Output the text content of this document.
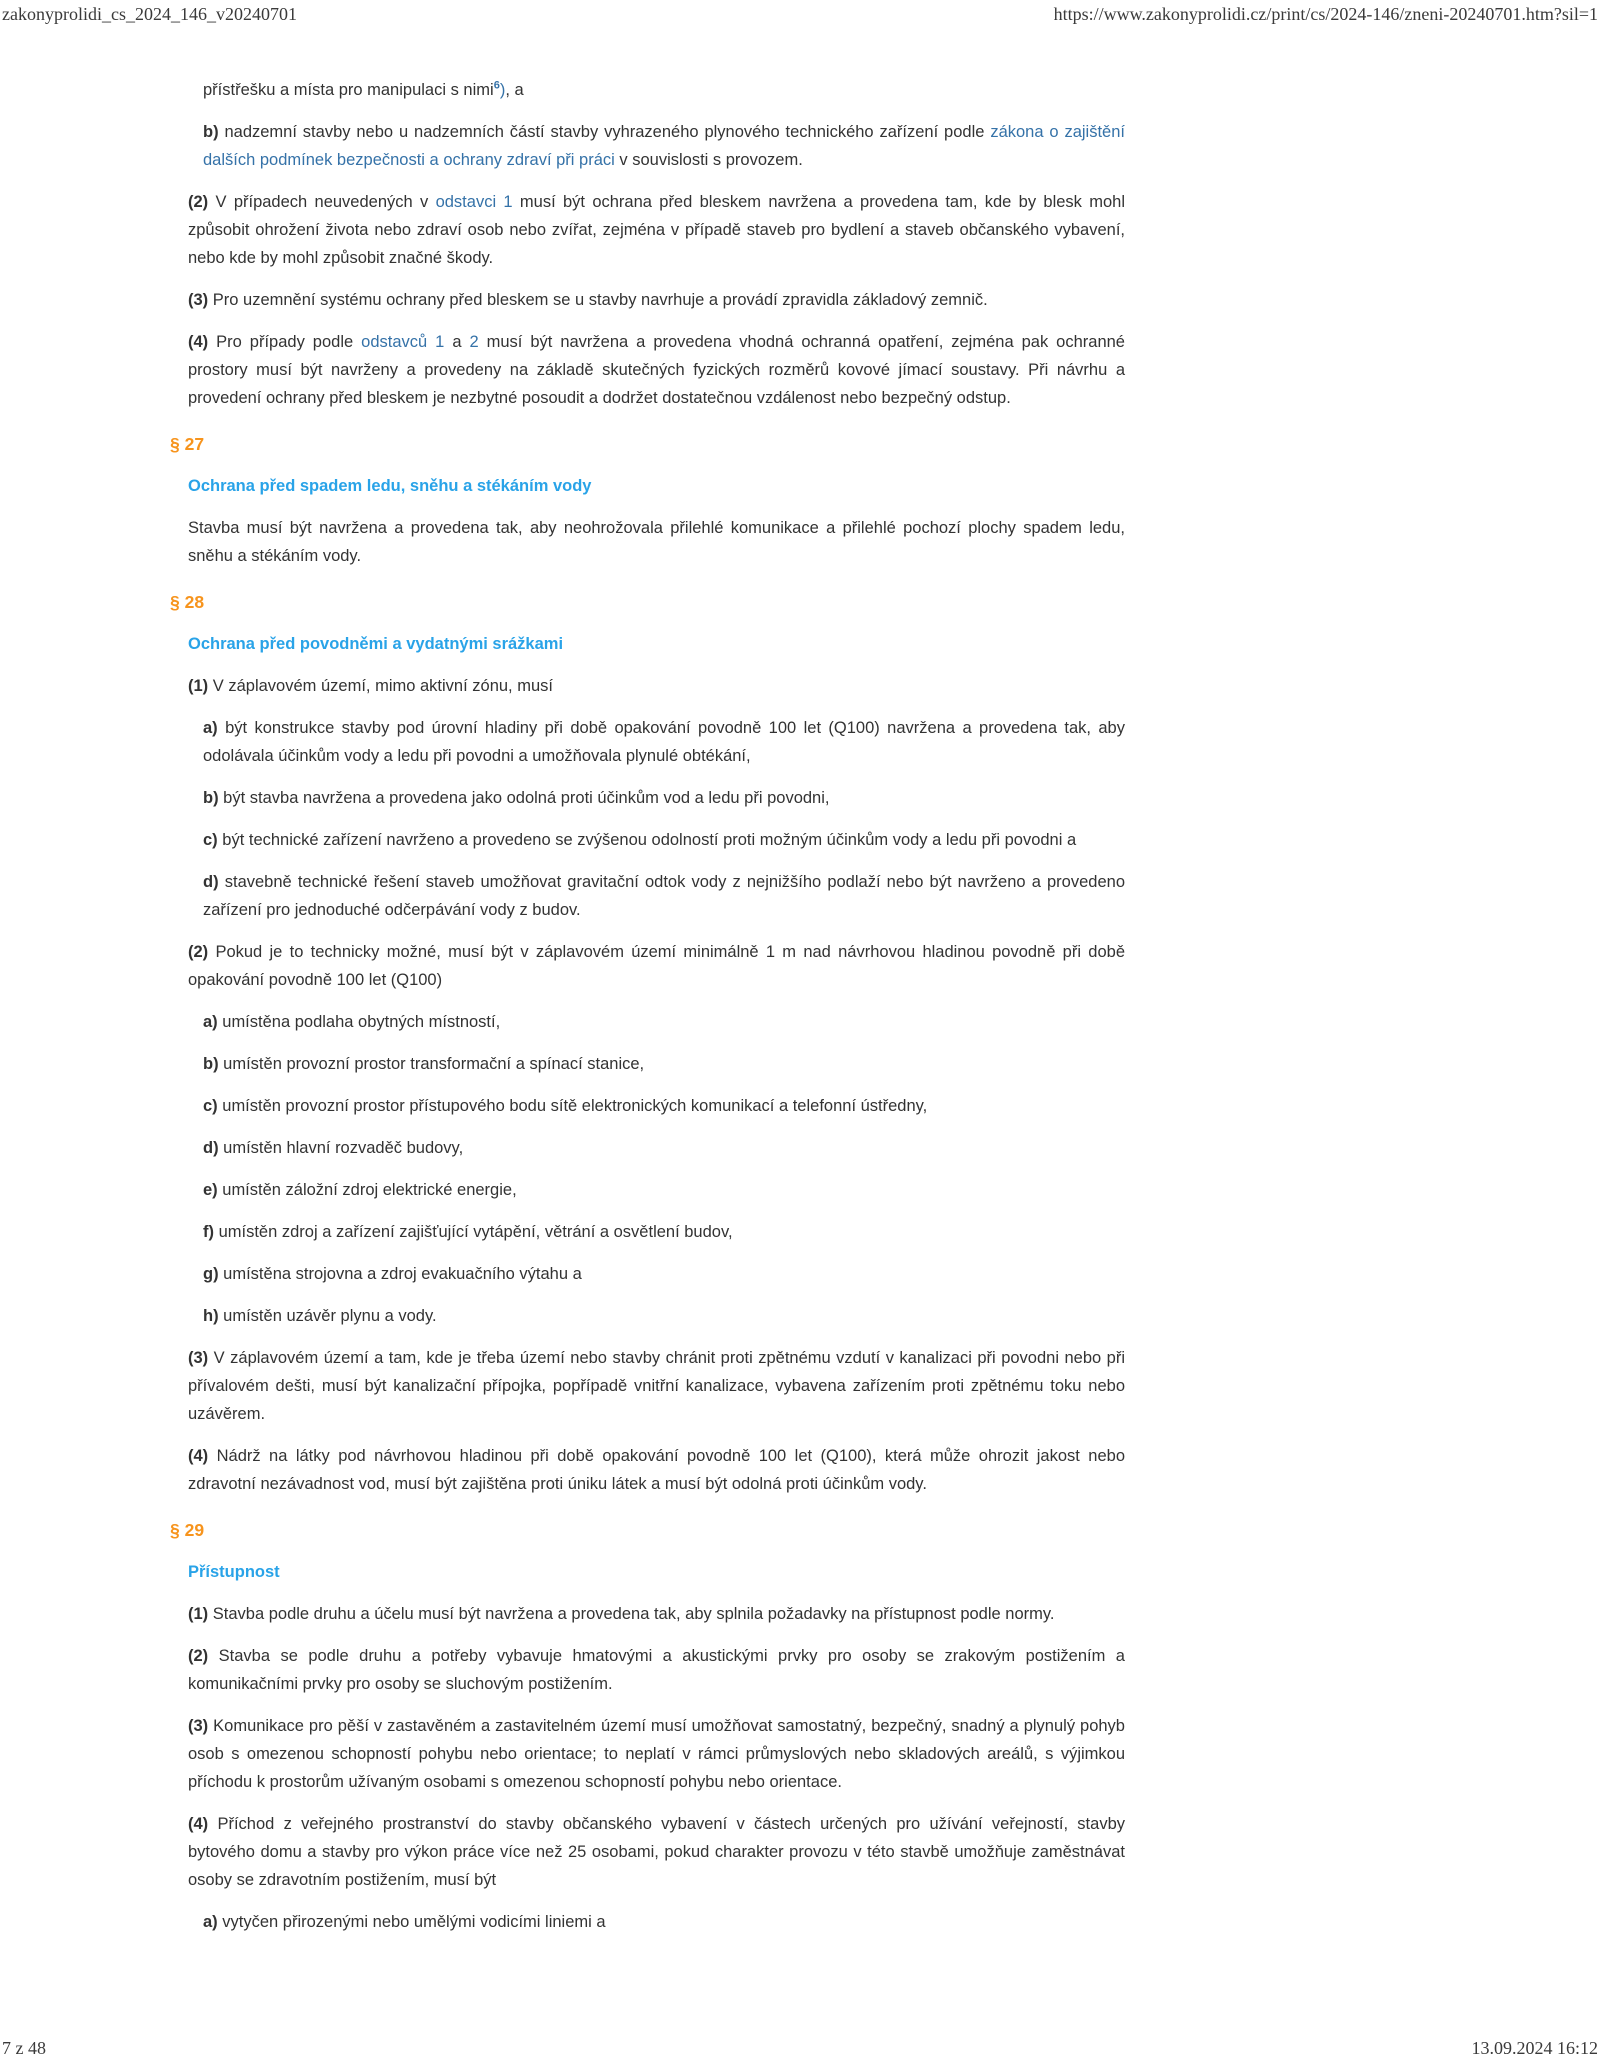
zakonyprolidi_cs_2024_146_v20240701	https://www.zakonyprolidi.cz/print/cs/2024-146/zneni-20240701.htm?sil=1
přístřešku a místa pro manipulaci s nimi$^6$), a
b) nadzemní stavby nebo u nadzemních částí stavby vyhrazeného plynového technického zařízení podle zákona o zajištění dalších podmínek bezpečnosti a ochrany zdraví při práci v souvislosti s provozem.
(2) V případech neuvedených v odstavci 1 musí být ochrana před bleskem navržena a provedena tam, kde by blesk mohl způsobit ohrožení života nebo zdraví osob nebo zvířat, zejména v případě staveb pro bydlení a staveb občanského vybavení, nebo kde by mohl způsobit značné škody.
(3) Pro uzemnění systému ochrany před bleskem se u stavby navrhuje a provádí zpravidla základový zemnič.
(4) Pro případy podle odstavců 1 a 2 musí být navržena a provedena vhodná ochranná opatření, zejména pak ochranné prostory musí být navrženy a provedeny na základě skutečných fyzických rozměrů kovové jímací soustavy. Při návrhu a provedení ochrany před bleskem je nezbytné posoudit a dodržet dostatečnou vzdálenost nebo bezpečný odstup.
§ 27
Ochrana před spadem ledu, sněhu a stékáním vody
Stavba musí být navržena a provedena tak, aby neohrožovala přilehlé komunikace a přilehlé pochozí plochy spadem ledu, sněhu a stékáním vody.
§ 28
Ochrana před povodněmi a vydatnými srážkami
(1) V záplavovém území, mimo aktivní zónu, musí
a) být konstrukce stavby pod úrovní hladiny při době opakování povodně 100 let (Q100) navržena a provedena tak, aby odolávala účinkům vody a ledu při povodni a umožňovala plynulé obtékání,
b) být stavba navržena a provedena jako odolná proti účinkům vod a ledu při povodni,
c) být technické zařízení navrženo a provedeno se zvýšenou odolností proti možným účinkům vody a ledu při povodni a
d) stavebně technické řešení staveb umožňovat gravitační odtok vody z nejnižšího podlaží nebo být navrženo a provedeno zařízení pro jednoduché odčerpávání vody z budov.
(2) Pokud je to technicky možné, musí být v záplavovém území minimálně 1 m nad návrhovou hladinou povodně při době opakování povodně 100 let (Q100)
a) umístěna podlaha obytných místností,
b) umístěn provozní prostor transformační a spínací stanice,
c) umístěn provozní prostor přístupového bodu sítě elektronických komunikací a telefonní ústředny,
d) umístěn hlavní rozvaděč budovy,
e) umístěn záložní zdroj elektrické energie,
f) umístěn zdroj a zařízení zajišťující vytápění, větrání a osvětlení budov,
g) umístěna strojovna a zdroj evakuačního výtahu a
h) umístěn uzávěr plynu a vody.
(3) V záplavovém území a tam, kde je třeba území nebo stavby chránit proti zpětnému vzdutí v kanalizaci při povodni nebo při přívalovém dešti, musí být kanalizační přípojka, popřípadě vnitřní kanalizace, vybavena zařízením proti zpětnému toku nebo uzávěrem.
(4) Nádrž na látky pod návrhovou hladinou při době opakování povodně 100 let (Q100), která může ohrozit jakost nebo zdravotní nezávadnost vod, musí být zajištěna proti úniku látek a musí být odolná proti účinkům vody.
§ 29
Přístupnost
(1) Stavba podle druhu a účelu musí být navržena a provedena tak, aby splnila požadavky na přístupnost podle normy.
(2) Stavba se podle druhu a potřeby vybavuje hmatovými a akustickými prvky pro osoby se zrakovým postižením a komunikačními prvky pro osoby se sluchovým postižením.
(3) Komunikace pro pěší v zastavěném a zastavitelném území musí umožňovat samostatný, bezpečný, snadný a plynulý pohyb osob s omezenou schopností pohybu nebo orientace; to neplatí v rámci průmyslových nebo skladových areálů, s výjimkou příchodu k prostorům užívaným osobami s omezenou schopností pohybu nebo orientace.
(4) Příchod z veřejného prostranství do stavby občanského vybavení v částech určených pro užívání veřejností, stavby bytového domu a stavby pro výkon práce více než 25 osobami, pokud charakter provozu v této stavbě umožňuje zaměstnávat osoby se zdravotním postižením, musí být
a) vytyčen přirozenými nebo umělými vodicími liniemi a
7 z 48	13.09.2024 16:12
